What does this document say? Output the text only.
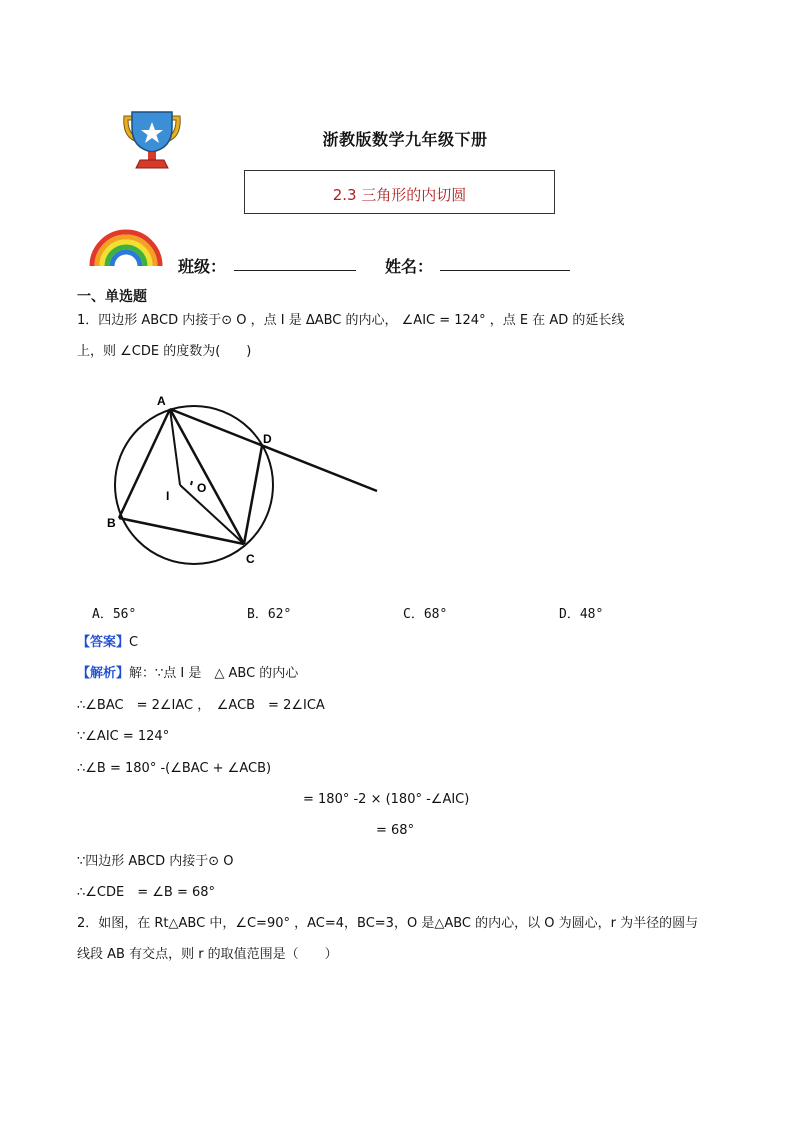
浙教版数学九年级下册
2.3 三角形的内切圆
班级：	姓名：
一、单选题
1．四边形 ABCD 内接于⊙ O ，点 I 是 ΔABC 的内心， ∠AIC = 124° ，点 E 在 AD 的延长线
上，则 ∠CDE 的度数为(　　)
A
D
I
O
B
C
A．56°	B．62°	C．68°	D．48°
【答案】C
【解析】解：∵点 I 是　△ ABC 的内心
∴∠BAC　= 2∠IAC ，　∠ACB　= 2∠ICA
∵∠AIC = 124°
∴∠B = 180° -(∠BAC + ∠ACB)
= 180° -2 × (180° -∠AIC)
= 68°
∵四边形 ABCD 内接于⊙ O
∴∠CDE　= ∠B = 68°
2．如图，在 Rt△ABC 中，∠C=90° ，AC=4，BC=3，O 是△ABC 的内心，以 O 为圆心，r 为半径的圆与
线段 AB 有交点，则 r 的取值范围是（　　）
